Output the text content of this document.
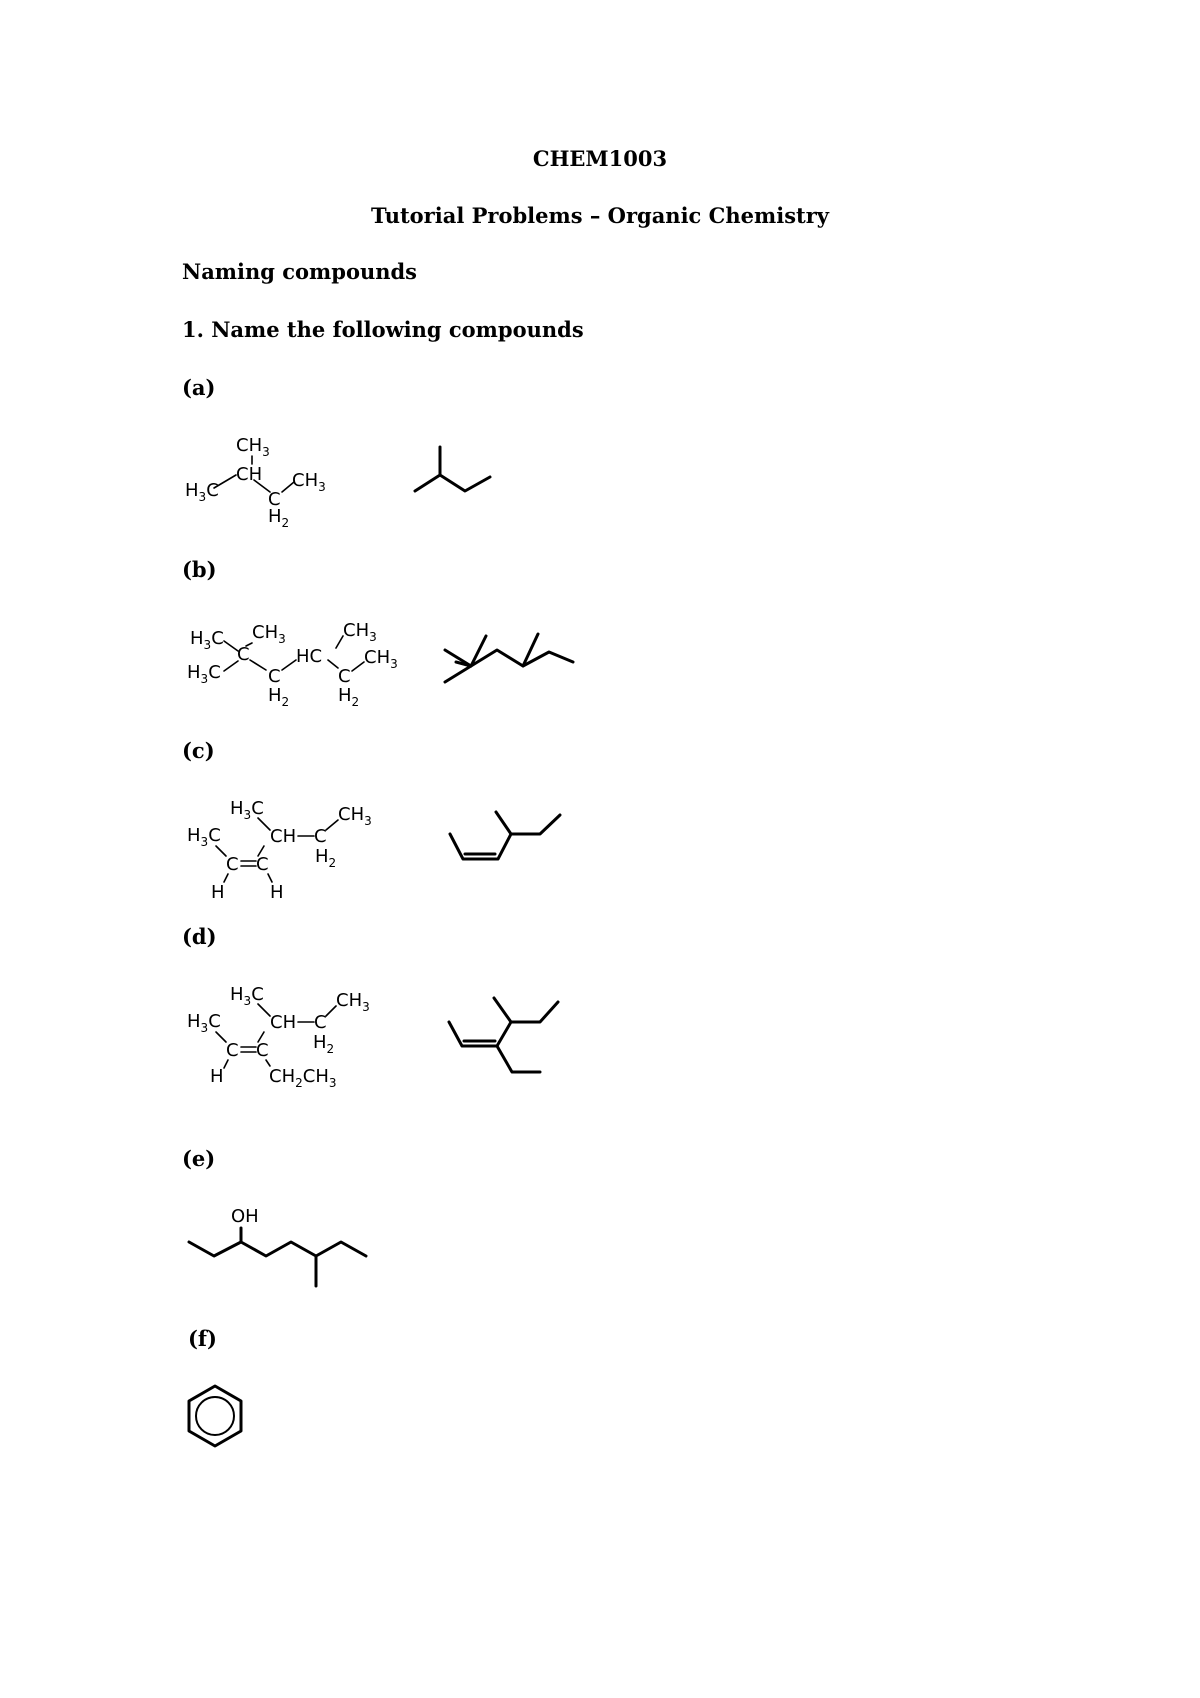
CHEM1003
Tutorial Problems – Organic Chemistry
Naming compounds

1. Name the following compounds

(a)

(b)

(c)

(d)

(e)

(f)

$CH_3$
CH
$H_3C$	C
$CH_3$
$H_2$
$H_3C$ $CH_3$
C
$H_3C$	C
$H_2$
HC
$CH_3$
C
$H_2$
$CH_3$
$H_3C$	$CH_3$
$H_3C$	CH C
$H_2$
C C
H	H
$H_3C$	$CH_3$
$H_3C$	CH C
$H_2$
C C
H	$CH_2CH_3$
OH
